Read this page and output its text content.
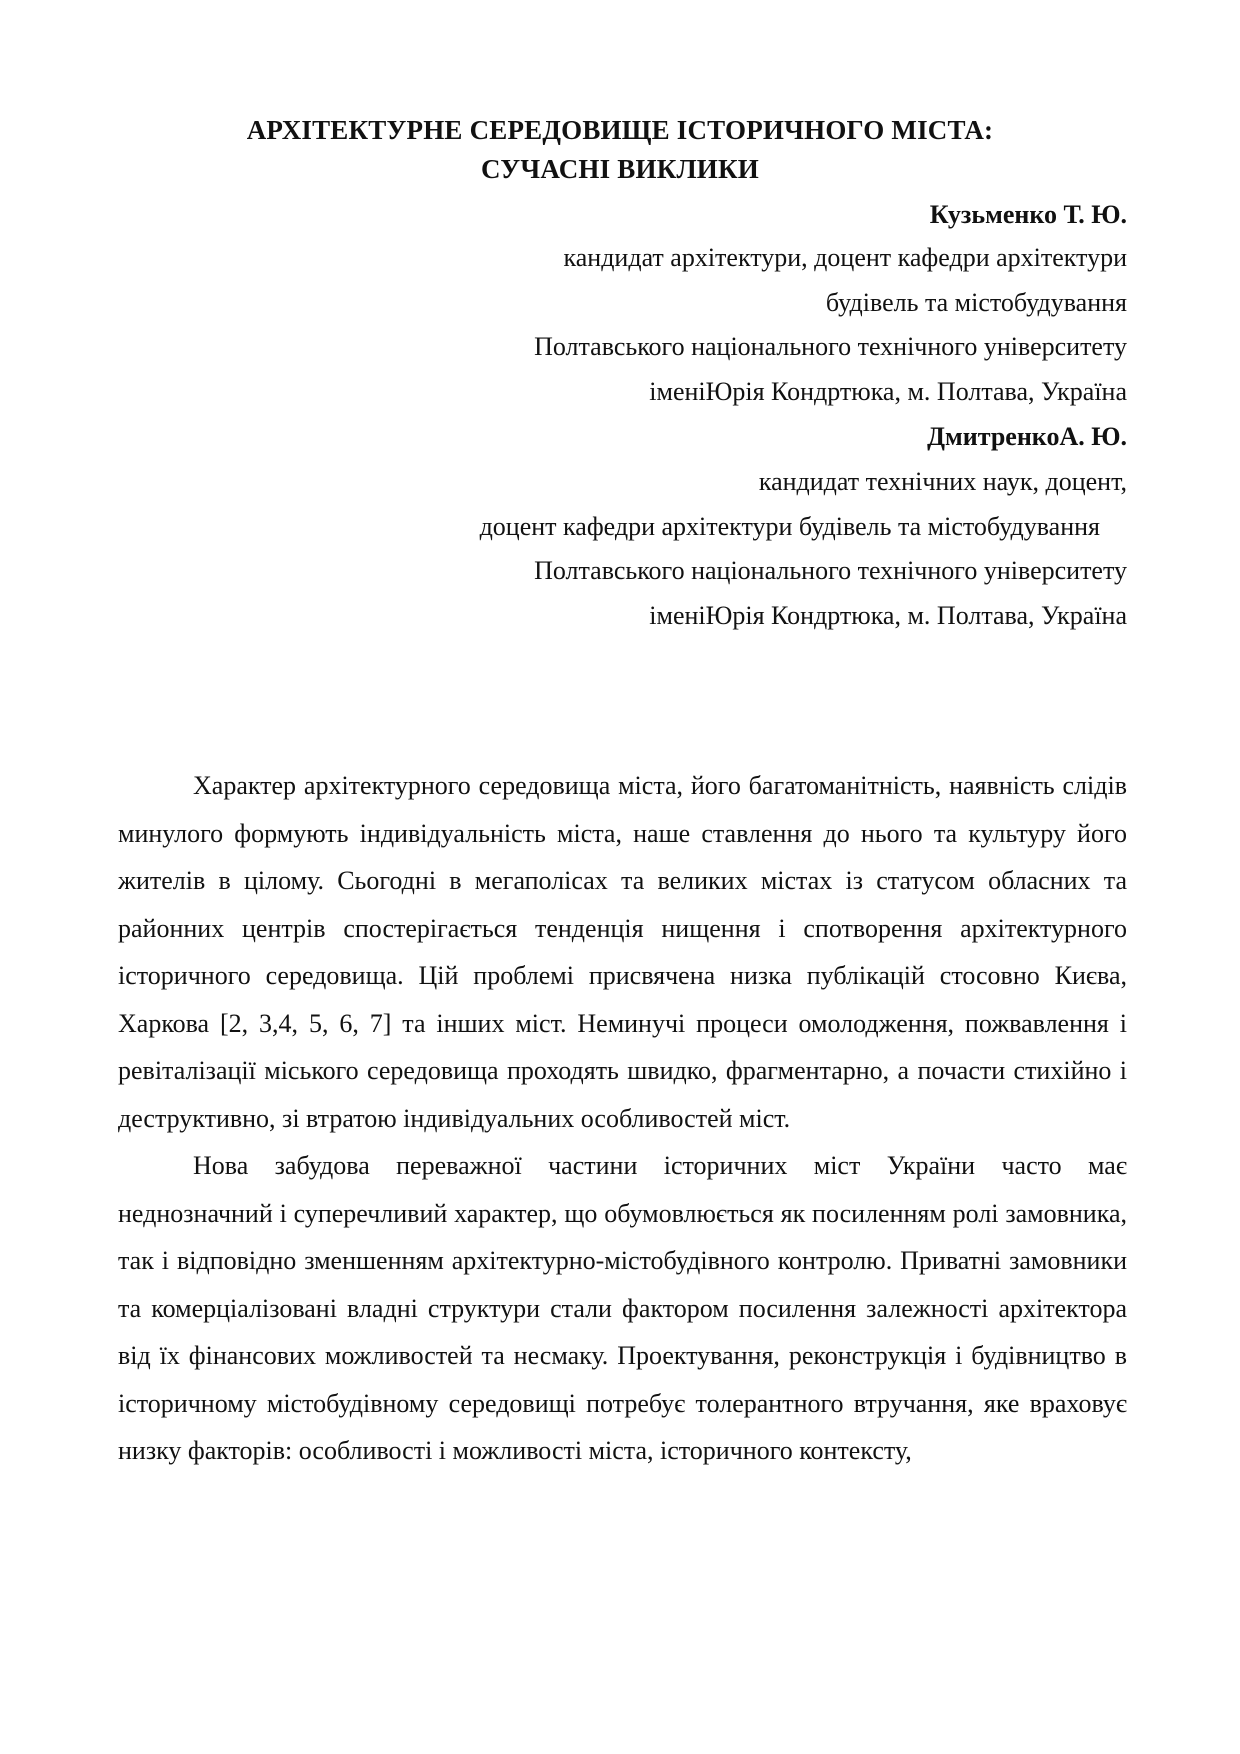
АРХІТЕКТУРНЕ СЕРЕДОВИЩЕ ІСТОРИЧНОГО МІСТА:
СУЧАСНІ ВИКЛИКИ
Кузьменко Т. Ю.
кандидат архітектури, доцент кафедри архітектури
будівель та містобудування
Полтавського національного технічного університету
іменіЮрія Кондртюка, м. Полтава, Україна
ДмитренкоА. Ю.
кандидат технічних наук, доцент,
доцент кафедри архітектури будівель та містобудування
Полтавського національного технічного університету
іменіЮрія Кондртюка, м. Полтава, Україна

Характер архітектурного середовища міста, його багатоманітність, наявність слідів минулого формують індивідуальність міста, наше ставлення до нього та культуру його жителів в цілому. Сьогодні в мегаполісах та великих містах із статусом обласних та районних центрів спостерігається тенденція нищення і спотворення архітектурного історичного середовища. Цій проблемі присвячена низка публікацій стосовно Києва, Харкова [2, 3,4, 5, 6, 7] та інших міст. Неминучі процеси омолодження, пожвавлення і ревіталізації міського середовища проходять швидко, фрагментарно, а почасти стихійно і деструктивно, зі втратою індивідуальних особливостей міст.

Нова забудова переважної частини історичних міст України часто має неднозначний і суперечливий характер, що обумовлюється як посиленням ролі замовника, так і відповідно зменшенням архітектурно-містобудівного контролю. Приватні замовники та комерціалізовані владні структури стали фактором посилення залежності архітектора від їх фінансових можливостей та несмаку. Проектування, реконструкція і будівництво в історичному містобудівному середовищі потребує толерантного втручання, яке враховує низку факторів: особливості і можливості міста, історичного контексту,
